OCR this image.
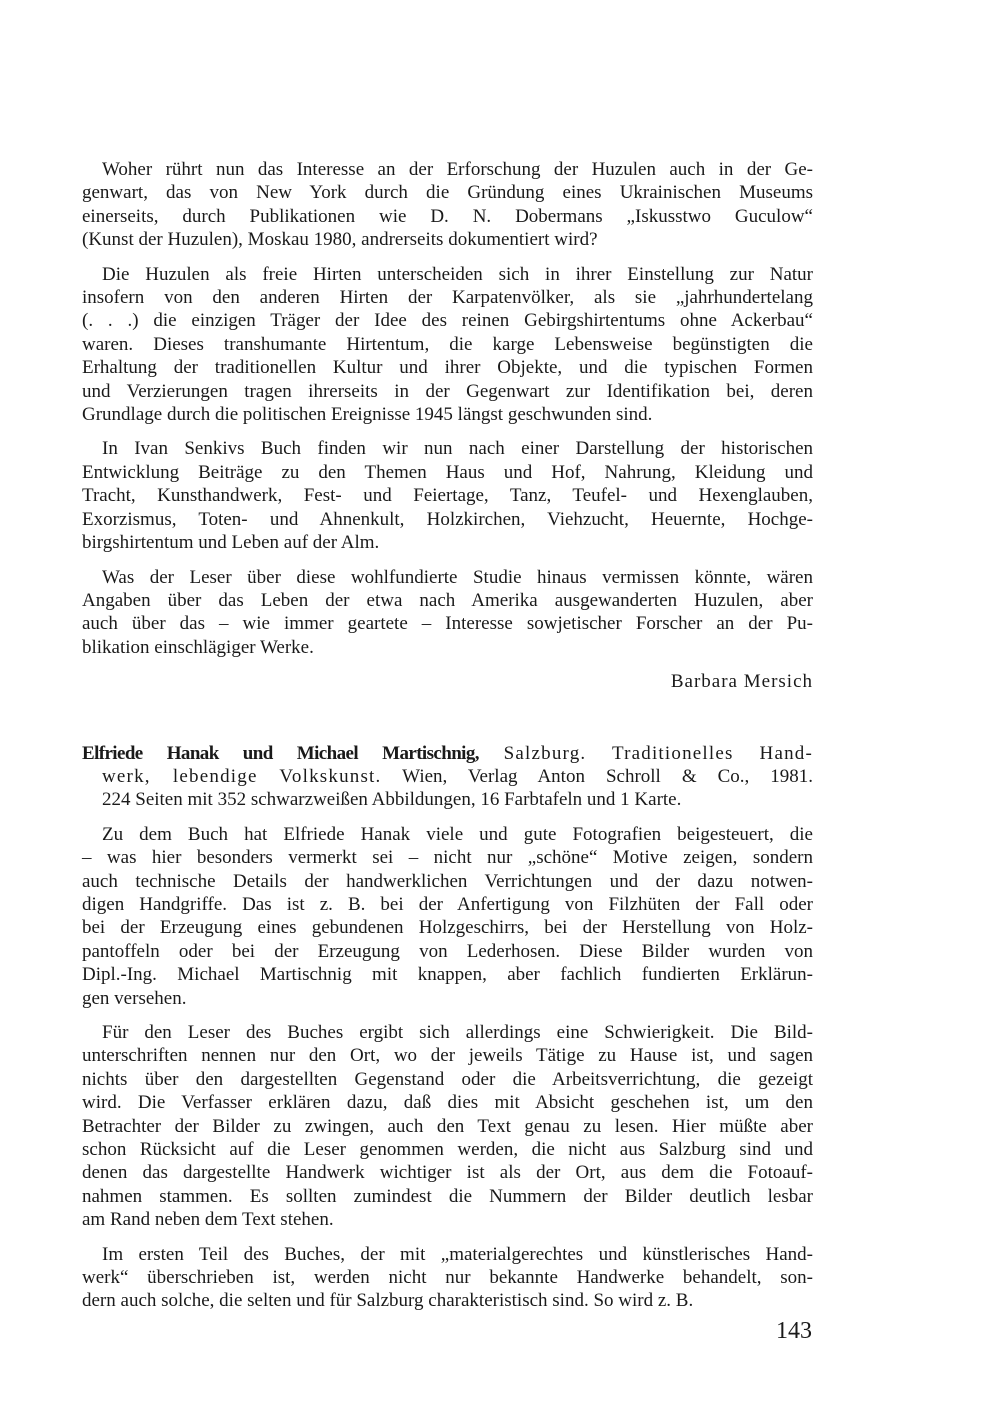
Woher rührt nun das Interesse an der Erforschung der Huzulen auch in der Ge-
genwart, das von New York durch die Gründung eines Ukrainischen Museums
einerseits, durch Publikationen wie D. N. Dobermans „Iskusstwo Guculow“
(Kunst der Huzulen), Moskau 1980, andrerseits dokumentiert wird?
Die Huzulen als freie Hirten unterscheiden sich in ihrer Einstellung zur Natur
insofern von den anderen Hirten der Karpatenvölker, als sie „jahrhundertelang
(. . .) die einzigen Träger der Idee des reinen Gebirgshirtentums ohne Ackerbau“
waren. Dieses transhumante Hirtentum, die karge Lebensweise begünstigten die
Erhaltung der traditionellen Kultur und ihrer Objekte, und die typischen Formen
und Verzierungen tragen ihrerseits in der Gegenwart zur Identifikation bei, deren
Grundlage durch die politischen Ereignisse 1945 längst geschwunden sind.
In Ivan Senkivs Buch finden wir nun nach einer Darstellung der historischen
Entwicklung Beiträge zu den Themen Haus und Hof, Nahrung, Kleidung und
Tracht, Kunsthandwerk, Fest- und Feiertage, Tanz, Teufel- und Hexenglauben,
Exorzismus, Toten- und Ahnenkult, Holzkirchen, Viehzucht, Heuernte, Hochge-
birgshirtentum und Leben auf der Alm.
Was der Leser über diese wohlfundierte Studie hinaus vermissen könnte, wären
Angaben über das Leben der etwa nach Amerika ausgewanderten Huzulen, aber
auch über das – wie immer geartete – Interesse sowjetischer Forscher an der Pu-
blikation einschlägiger Werke.
Barbara Mersich
Elfriede Hanak und Michael Martischnig, Salzburg. Traditionelles Hand-
werk, lebendige Volkskunst. Wien, Verlag Anton Schroll & Co., 1981.
224 Seiten mit 352 schwarzweißen Abbildungen, 16 Farbtafeln und 1 Karte.
Zu dem Buch hat Elfriede Hanak viele und gute Fotografien beigesteuert, die
– was hier besonders vermerkt sei – nicht nur „schöne“ Motive zeigen, sondern
auch technische Details der handwerklichen Verrichtungen und der dazu notwen-
digen Handgriffe. Das ist z. B. bei der Anfertigung von Filzhüten der Fall oder
bei der Erzeugung eines gebundenen Holzgeschirrs, bei der Herstellung von Holz-
pantoffeln oder bei der Erzeugung von Lederhosen. Diese Bilder wurden von
Dipl.-Ing. Michael Martischnig mit knappen, aber fachlich fundierten Erklärun-
gen versehen.
Für den Leser des Buches ergibt sich allerdings eine Schwierigkeit. Die Bild-
unterschriften nennen nur den Ort, wo der jeweils Tätige zu Hause ist, und sagen
nichts über den dargestellten Gegenstand oder die Arbeitsverrichtung, die gezeigt
wird. Die Verfasser erklären dazu, daß dies mit Absicht geschehen ist, um den
Betrachter der Bilder zu zwingen, auch den Text genau zu lesen. Hier müßte aber
schon Rücksicht auf die Leser genommen werden, die nicht aus Salzburg sind und
denen das dargestellte Handwerk wichtiger ist als der Ort, aus dem die Fotoauf-
nahmen stammen. Es sollten zumindest die Nummern der Bilder deutlich lesbar
am Rand neben dem Text stehen.
Im ersten Teil des Buches, der mit „materialgerechtes und künstlerisches Hand-
werk“ überschrieben ist, werden nicht nur bekannte Handwerke behandelt, son-
dern auch solche, die selten und für Salzburg charakteristisch sind. So wird z. B.
143
